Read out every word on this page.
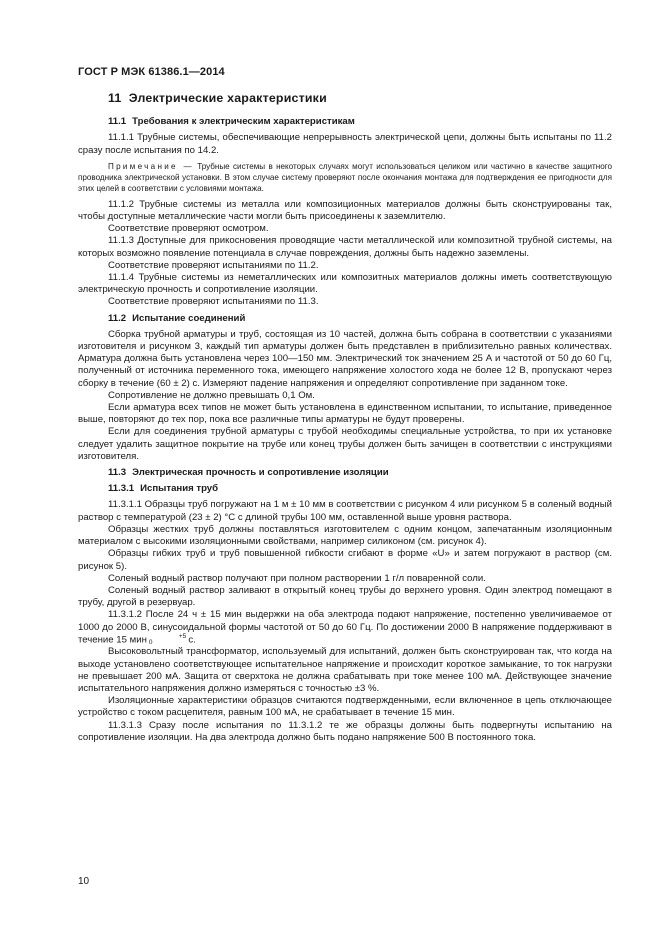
ГОСТ Р МЭК 61386.1—2014
11 Электрические характеристики
11.1 Требования к электрическим характеристикам

11.1.1 Трубные системы, обеспечивающие непрерывность электрической цепи, должны быть испытаны по 11.2 сразу после испытания по 14.2.

Примечание — Трубные системы в некоторых случаях могут использоваться целиком или частично в качестве защитного проводника электрической установки. В этом случае систему проверяют после окончания монтажа для подтверждения ее пригодности для этих целей в соответствии с условиями монтажа.

11.1.2 Трубные системы из металла или композиционных материалов должны быть сконструированы так, чтобы доступные металлические части могли быть присоединены к заземлителю.

Соответствие проверяют осмотром.

11.1.3 Доступные для прикосновения проводящие части металлической или композитной трубной системы, на которых возможно появление потенциала в случае повреждения, должны быть надежно заземлены.

Соответствие проверяют испытаниями по 11.2.

11.1.4 Трубные системы из неметаллических или композитных материалов должны иметь соответствующую электрическую прочность и сопротивление изоляции.

Соответствие проверяют испытаниями по 11.3.

11.2 Испытание соединений

Сборка трубной арматуры и труб, состоящая из 10 частей, должна быть собрана в соответствии с указаниями изготовителя и рисунком 3, каждый тип арматуры должен быть представлен в приблизительно равных количествах. Арматура должна быть установлена через 100—150 мм. Электрический ток значением 25 А и частотой от 50 до 60 Гц, полученный от источника переменного тока, имеющего напряжение холостого хода не более 12 В, пропускают через сборку в течение (60 ± 2) с. Измеряют падение напряжения и определяют сопротивление при заданном токе.

Сопротивление не должно превышать 0,1 Ом.

Если арматура всех типов не может быть установлена в единственном испытании, то испытание, приведенное выше, повторяют до тех пор, пока все различные типы арматуры не будут проверены.

Если для соединения трубной арматуры с трубой необходимы специальные устройства, то при их установке следует удалить защитное покрытие на трубе или конец трубы должен быть зачищен в соответствии с инструкциями изготовителя.

11.3 Электрическая прочность и сопротивление изоляции
11.3.1 Испытания труб

11.3.1.1 Образцы труб погружают на 1 м ± 10 мм в соответствии с рисунком 4 или рисунком 5 в соленый водный раствор с температурой (23 ± 2) °С с длиной трубы 100 мм, оставленной выше уровня раствора.

Образцы жестких труб должны поставляться изготовителем с одним концом, запечатанным изоляционным материалом с высокими изоляционными свойствами, например силиконом (см. рисунок 4).

Образцы гибких труб и труб повышенной гибкости сгибают в форме «U» и затем погружают в раствор (см. рисунок 5).

Соленый водный раствор получают при полном растворении 1 г/л поваренной соли.

Соленый водный раствор заливают в открытый конец трубы до верхнего уровня. Один электрод помещают в трубу, другой в резервуар.

11.3.1.2 После 24 ч ± 15 мин выдержки на оба электрода подают напряжение, постепенно увеличиваемое от 1000 до 2000 В, синусоидальной формы частотой от 50 до 60 Гц. По достижении 2000 В напряжение поддерживают в течение 15 мин	+5
0	с.

Высоковольтный трансформатор, используемый для испытаний, должен быть сконструирован так, что когда на выходе установлено соответствующее испытательное напряжение и происходит короткое замыкание, то ток нагрузки не превышает 200 мА. Защита от сверхтока не должна срабатывать при токе менее 100 мА. Действующее значение испытательного напряжения должно измеряться с точностью ±3 %.

Изоляционные характеристики образцов считаются подтвержденными, если включенное в цепь отключающее устройство с током расцепителя, равным 100 мА, не срабатывает в течение 15 мин.

11.3.1.3 Сразу после испытания по 11.3.1.2 те же образцы должны быть подвергнуты испытанию на сопротивление изоляции. На два электрода должно быть подано напряжение 500 В постоянного тока.

10
